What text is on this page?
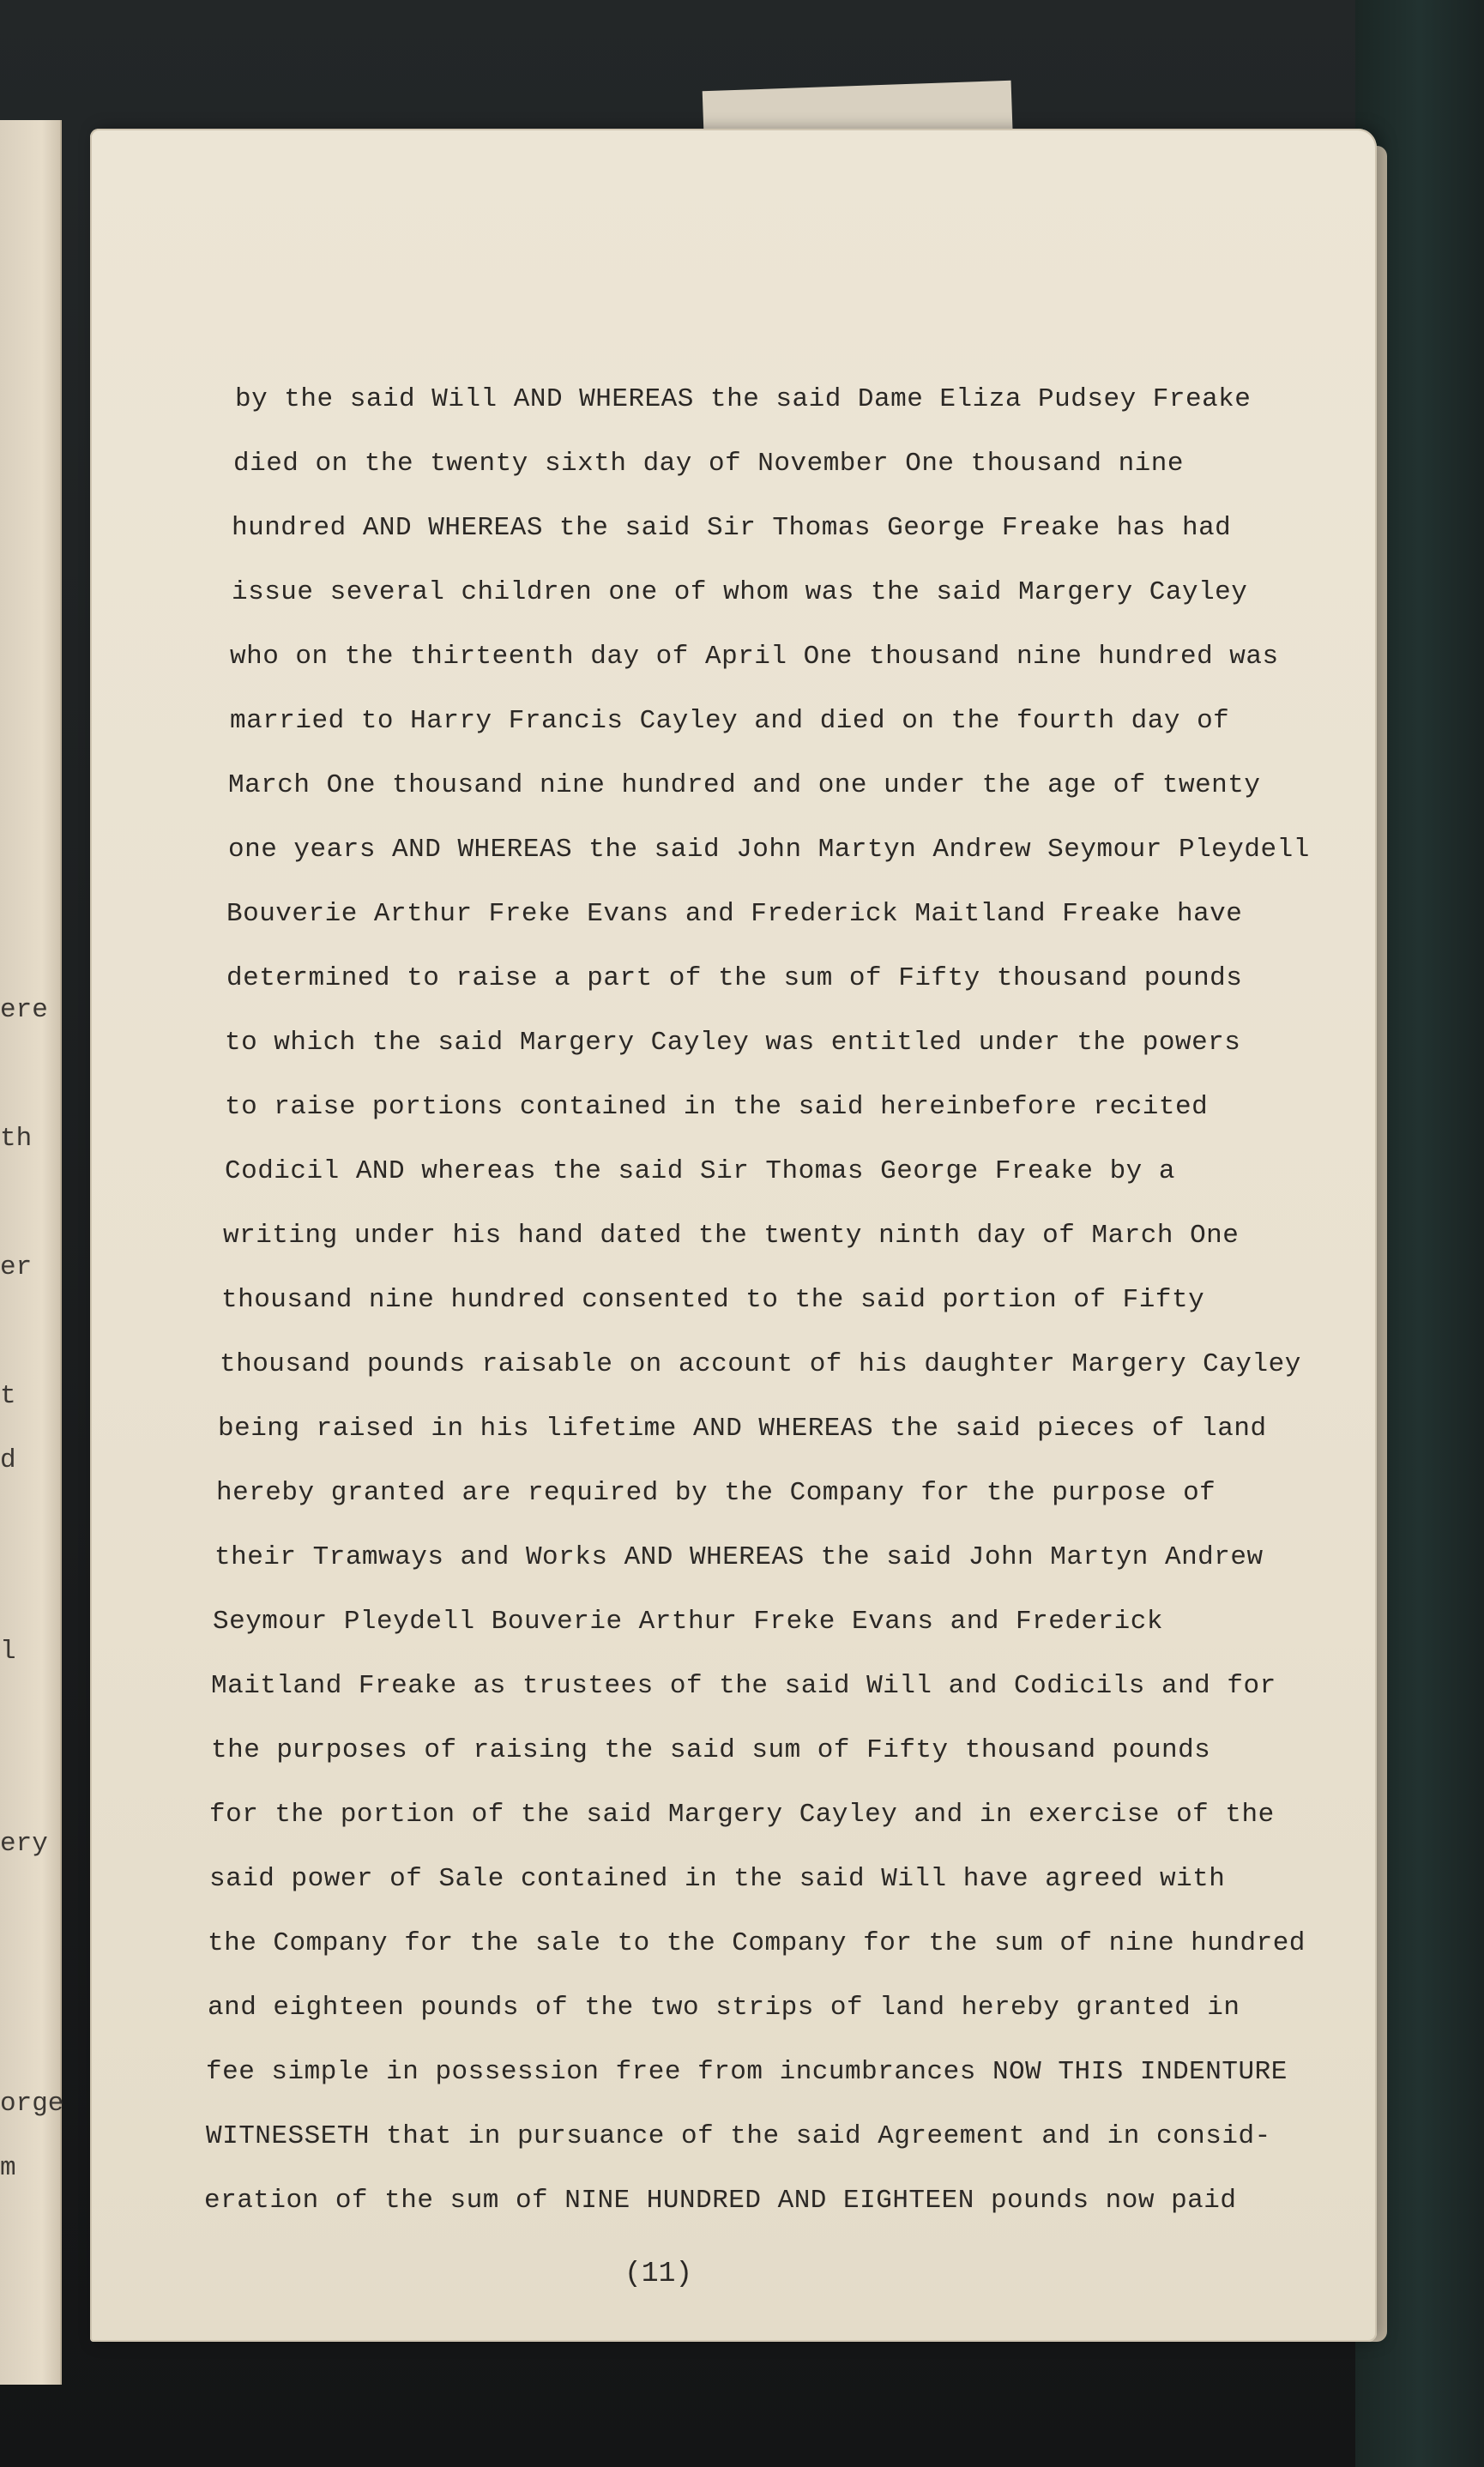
ere
th
er
t
d
l
ery
orge
m
by the said Will AND WHEREAS the said Dame Eliza Pudsey Freake
died on the twenty sixth day of November One thousand nine
hundred AND WHEREAS the said Sir Thomas George Freake has had
issue several children one of whom was the said Margery Cayley
who on the thirteenth day of April One thousand nine hundred was
married to Harry Francis Cayley and died on the fourth day of
March One thousand nine hundred and one under the age of twenty
one years AND WHEREAS the said John Martyn Andrew Seymour Pleydell
Bouverie Arthur Freke Evans and Frederick Maitland Freake have
determined to raise a part of the sum of Fifty thousand pounds
to which the said Margery Cayley was entitled under the powers
to raise portions contained in the said hereinbefore recited
Codicil AND whereas the said Sir Thomas George Freake by a
writing under his hand dated the twenty ninth day of March One
thousand nine hundred consented to the said portion of Fifty
thousand pounds raisable on account of his daughter Margery Cayley
being raised in his lifetime AND WHEREAS the said pieces of land
hereby granted are required by the Company for the purpose of
their Tramways and Works AND WHEREAS the said John Martyn Andrew
Seymour Pleydell Bouverie Arthur Freke Evans and Frederick
Maitland Freake as trustees of the said Will and Codicils and for
the purposes of raising the said sum of Fifty thousand pounds
for the portion of the said Margery Cayley and in exercise of the
said power of Sale contained in the said Will have agreed with
the Company for the sale to the Company for the sum of nine hundred
and eighteen pounds of the two strips of land hereby granted in
fee simple in possession free from incumbrances NOW THIS INDENTURE
WITNESSETH that in pursuance of the said Agreement and in consid-
eration of the sum of NINE HUNDRED AND EIGHTEEN pounds now paid
(11)
